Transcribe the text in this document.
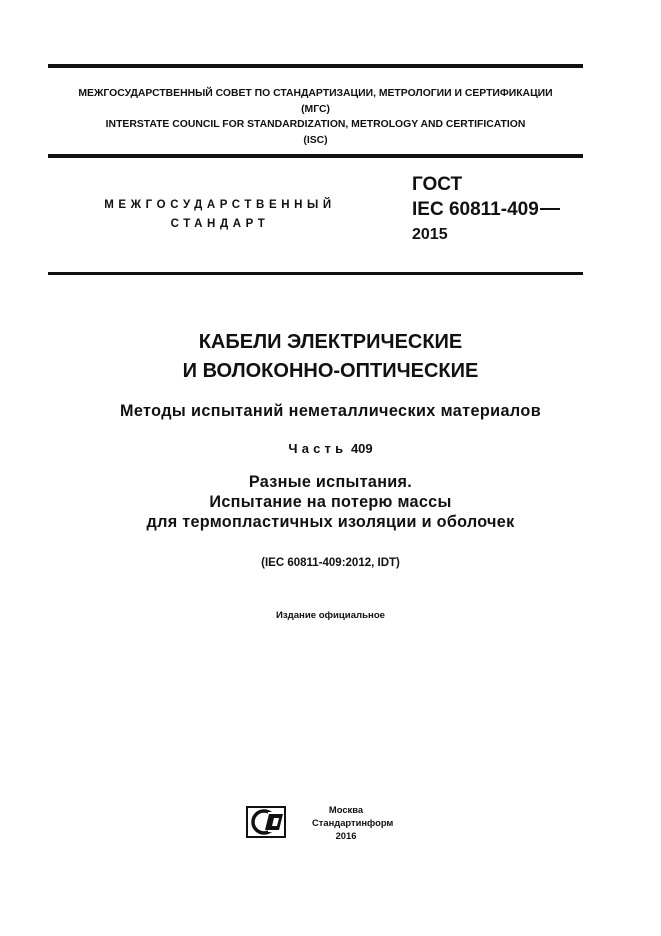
МЕЖГОСУДАРСТВЕННЫЙ СОВЕТ ПО СТАНДАРТИЗАЦИИ, МЕТРОЛОГИИ И СЕРТИФИКАЦИИ
(МГС)
INTERSTATE COUNCIL FOR STANDARDIZATION, METROLOGY AND CERTIFICATION
(ISC)
МЕЖГОСУДАРСТВЕННЫЙ
СТАНДАРТ
ГОСТ
IEC 60811-409
2015
КАБЕЛИ ЭЛЕКТРИЧЕСКИЕ
И ВОЛОКОННО-ОПТИЧЕСКИЕ
Методы испытаний неметаллических материалов
Часть 409
Разные испытания.
Испытание на потерю массы
для термопластичных изоляции и оболочек
(IEC 60811-409:2012, IDT)
Издание официальное
Москва
Стандартинформ
2016
